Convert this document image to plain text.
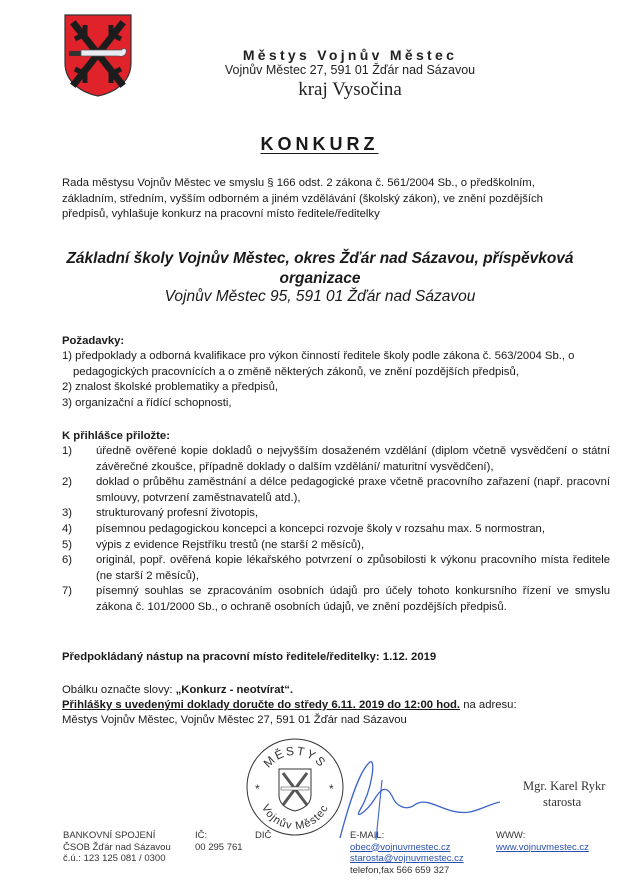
Městys Vojnův Městec
Vojnův Městec 27, 591 01 Žďár nad Sázavou
kraj Vysočina
KONKURZ
Rada městysu Vojnův Městec ve smyslu § 166 odst. 2 zákona č. 561/2004 Sb., o předškolním, základním, středním, vyšším odborném a jiném vzdělávání (školský zákon), ve znění pozdějších předpisů, vyhlašuje konkurz na pracovní místo ředitele/ředitelky
Základní školy Vojnův Městec, okres Žďár nad Sázavou, příspěvková organizace
Vojnův Městec 95, 591 01 Žďár nad Sázavou
Požadavky:
1) předpoklady a odborná kvalifikace pro výkon činností ředitele školy podle zákona č. 563/2004 Sb., o
pedagogických pracovnících a o změně některých zákonů, ve znění pozdějších předpisů,
2) znalost školské problematiky a předpisů,
3) organizační a řídící schopnosti,
K přihlášce přiložte:
1)	úředně ověřené kopie dokladů o nejvyšším dosaženém vzdělání (diplom včetně vysvědčení o státní závěrečné zkoušce, případně doklady o dalším vzdělání/ maturitní vysvědčení),
2)	doklad o průběhu zaměstnání a délce pedagogické praxe včetně pracovního zařazení (např. pracovní smlouvy, potvrzení zaměstnavatelů atd.),
3)	strukturovaný profesní životopis,
4)	písemnou pedagogickou koncepci a koncepci rozvoje školy v rozsahu max. 5 normostran,
5)	výpis z evidence Rejstříku trestů (ne starší 2 měsíců),
6)	originál, popř. ověřená kopie lékařského potvrzení o způsobilosti k výkonu pracovního místa ředitele (ne starší 2 měsíců),
7)	písemný souhlas se zpracováním osobních údajů pro účely tohoto konkursního řízení ve smyslu zákona č. 101/2000 Sb., o ochraně osobních údajů, ve znění pozdějších předpisů.
Předpokládaný nástup na pracovní místo ředitele/ředitelky: 1.12. 2019
Obálku označte slovy: „Konkurz - neotvírat“.
Přihlášky s uvedenými doklady doručte do středy 6.11. 2019 do 12:00 hod. na adresu:
Městys Vojnův Městec, Vojnův Městec 27, 591 01 Žďár nad Sázavou
MĚSTYS
Vojnův Městec
*	*	Mgr. Karel Rykr
starosta
BANKOVNÍ SPOJENÍ
ČSOB Žďár nad Sázavou
č.ú.: 123 125 081 / 0300
IČ:
00 295 761
DIČ	E-MAIL:
obec@vojnuvmestec.cz
starosta@vojnuvmestec.cz
telefon,fax 566 659 327
WWW:
www.vojnuvmestec.cz
